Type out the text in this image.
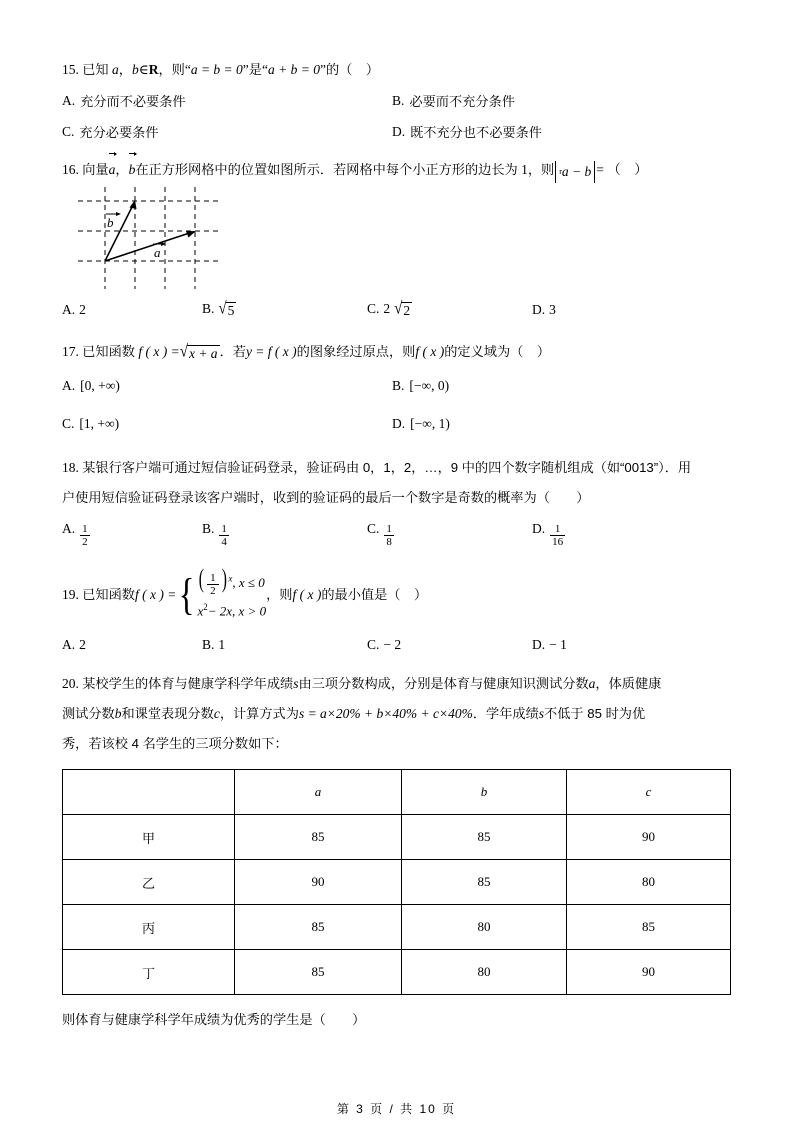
15. 已知 a，b∈R，则“a = b = 0”是“a + b = 0”的（ ）
A. 充分而不必要条件	B. 必要而不充分条件
C. 充分必要条件	D. 既不充分也不必要条件
16. 向量a，b在正方形网格中的位置如图所示．若网格中每个小正方形的边长为 1，则 r a − b = （ ）
b
a
A. 2	B. √ 5	C. 2 √ 2	D. 3
17. 已知函数 f ( x ) = √ x + a ．若y = f ( x )的图象经过原点，则f ( x )的定义域为（ ）
A. [0, +∞)	B. [−∞, 0)
C. [1, +∞)	D. [−∞, 1)
18. 某银行客户端可通过短信验证码登录，验证码由 0，1，2，…，9 中的四个数字随机组成（如“0013”）．用
户使用短信验证码登录该客户端时，收到的验证码的最后一个数字是奇数的概率为（　　）
A. $\frac{1}{2}$	B. $\frac{1}{4}$	C. $\frac{1}{8}$	D. $\frac{1}{16}$
19.
已知函数 f ( x ) = { ( $\frac{1}{2}$ ) $^x$, x ≤ 0
$x^2- 2x$, x > 0
，则 f ( x ) 的最小值是（
）
A. 2	B. 1	C. − 2	D. − 1
20. 某校学生的体育与健康学科学年成绩s由三项分数构成，分别是体育与健康知识测试分数a，体质健康
测试分数b和课堂表现分数c，计算方式为s = a×20% + b×40% + c×40%．学年成绩s不低于 85 时为优
秀，若该校 4 名学生的三项分数如下：
	a	b	c
甲	85	85	90
乙	90	85	80
丙	85	80	85
丁	85	80	90
则体育与健康学科学年成绩为优秀的学生是（　　）
第 3 页 / 共 10 页
